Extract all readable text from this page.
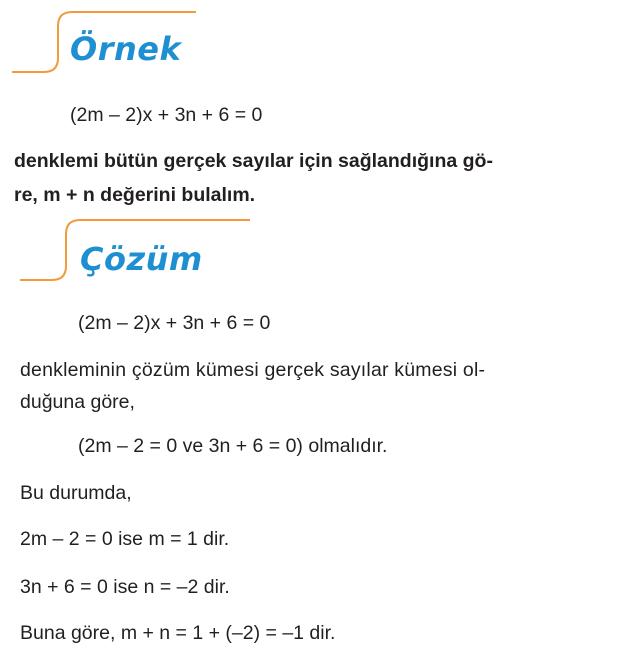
Örnek
(2m – 2)x + 3n + 6 = 0
denklemi bütün gerçek sayılar için sağlandığına gö-
re, m + n değerini bulalım.
Çözüm
(2m – 2)x + 3n + 6 = 0
denkleminin çözüm kümesi gerçek sayılar kümesi ol-
duğuna göre,
(2m – 2 = 0 ve 3n + 6 = 0) olmalıdır.
Bu durumda,
2m – 2 = 0 ise m = 1 dir.
3n + 6 = 0 ise n = –2 dir.
Buna göre, m + n = 1 + (–2) = –1 dir.
